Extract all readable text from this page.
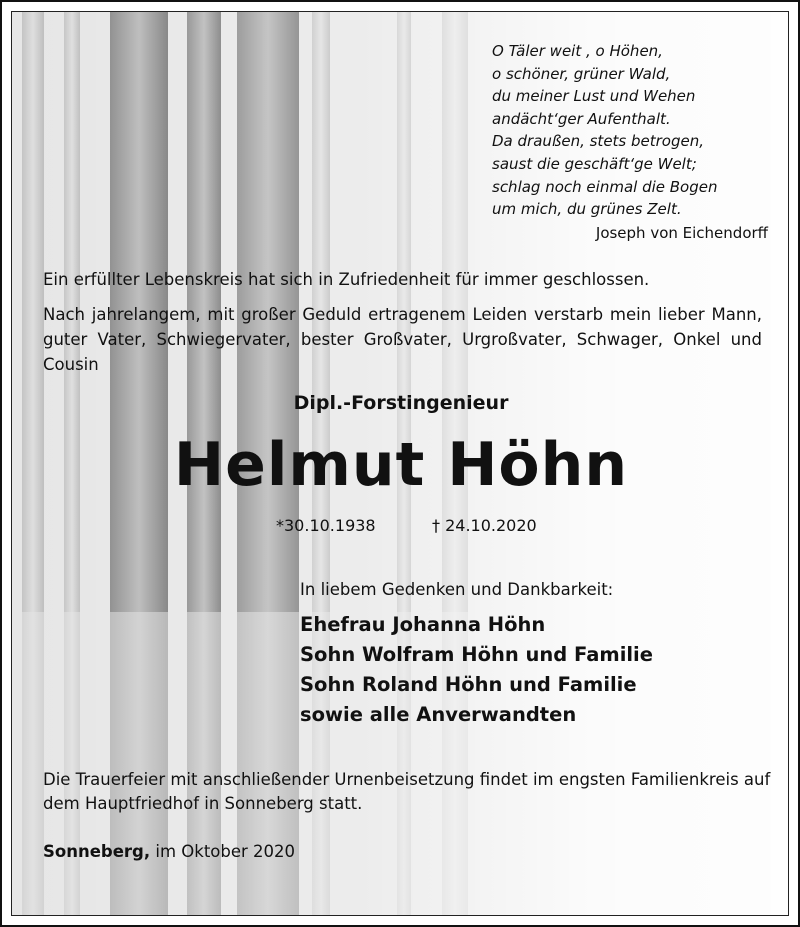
O Täler weit , o Höhen,
o schöner, grüner Wald,
du meiner Lust und Wehen
andächt‘ger Aufenthalt.
Da draußen, stets betrogen,
saust die geschäft‘ge Welt;
schlag noch einmal die Bogen
um mich, du grünes Zelt.
Joseph von Eichendorff

Ein erfüllter Lebenskreis hat sich in Zufriedenheit für immer geschlossen.

Nach jahrelangem, mit großer Geduld ertragenem Leiden verstarb mein lieber Mann, guter Vater, Schwiegervater, bester Großvater, Urgroßvater, Schwager, Onkel und Cousin

Dipl.-Forstingenieur
Helmut Höhn
*30.10.1938	† 24.10.2020
In liebem Gedenken und Dankbarkeit:
Ehefrau Johanna Höhn
Sohn Wolfram Höhn und Familie
Sohn Roland Höhn und Familie
sowie alle Anverwandten

Die Trauerfeier mit anschließender Urnenbeisetzung findet im engsten Familienkreis auf dem Hauptfriedhof in Sonneberg statt.

Sonneberg, im Oktober 2020
